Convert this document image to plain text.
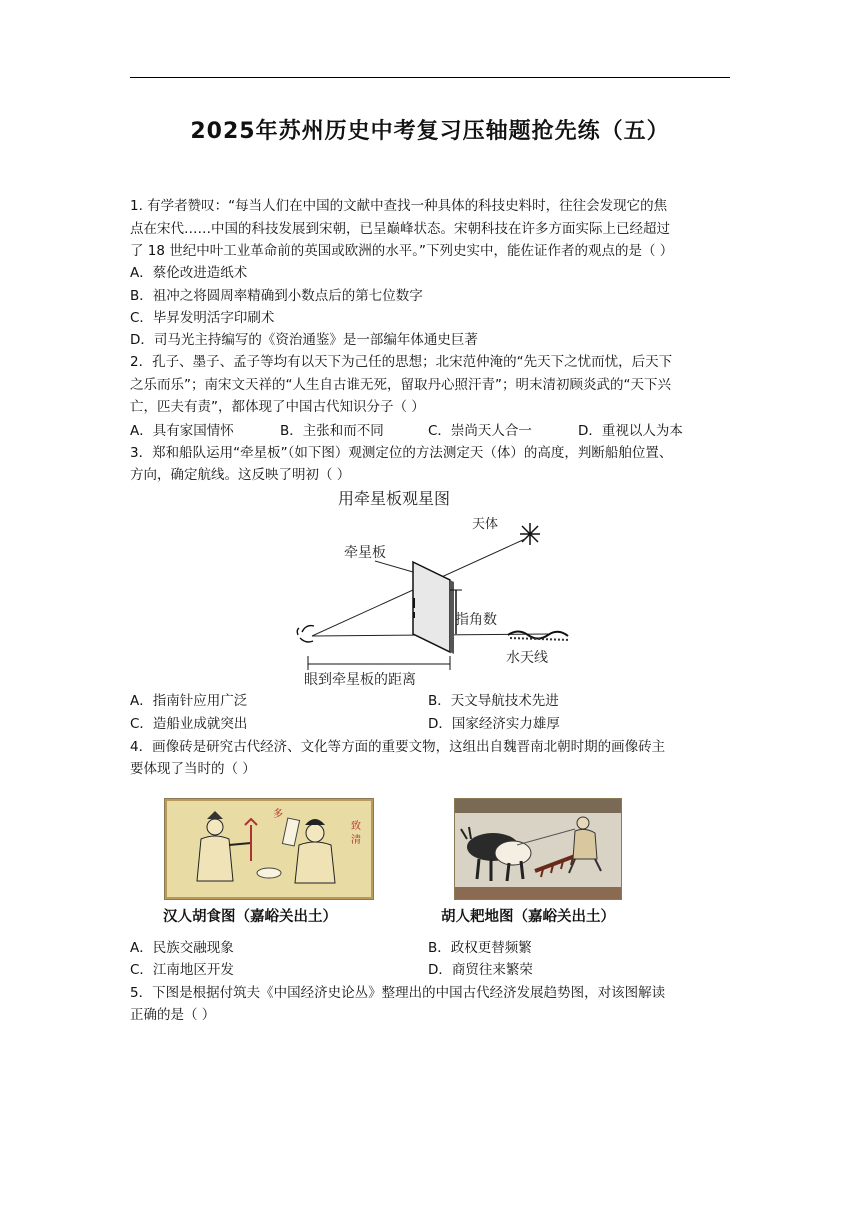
2025年苏州历史中考复习压轴题抢先练（五）
1. 有学者赞叹：“每当人们在中国的文献中查找一种具体的科技史料时，往往会发现它的焦
点在宋代……中国的科技发展到宋朝，已呈巅峰状态。宋朝科技在许多方面实际上已经超过
了 18 世纪中叶工业革命前的英国或欧洲的水平。”下列史实中，能佐证作者的观点的是（ ）
A．蔡伦改进造纸术
B．祖冲之将圆周率精确到小数点后的第七位数字
C．毕昇发明活字印刷术
D．司马光主持编写的《资治通鉴》是一部编年体通史巨著
2．孔子、墨子、孟子等均有以天下为己任的思想；北宋范仲淹的“先天下之忧而忧，后天下
之乐而乐”；南宋文天祥的“人生自古谁无死，留取丹心照汗青”；明末清初顾炎武的“天下兴
亡，匹夫有责”，都体现了中国古代知识分子（ ）
A．具有家国情怀	B．主张和而不同	C．崇尚天人合一	D．重视以人为本
3．郑和船队运用“牵星板”（如下图）观测定位的方法测定天（体）的高度，判断船舶位置、
方向，确定航线。这反映了明初（ ）
用牵星板观星图
天体
牵星板
指角数
水天线
眼到牵星板的距离
A．指南针应用广泛	B．天文导航技术先进
C．造船业成就突出	D．国家经济实力雄厚
4．画像砖是研究古代经济、文化等方面的重要文物，这组出自魏晋南北朝时期的画像砖主
要体现了当时的（ ）
多
致
清
汉人胡食图（嘉峪关出土）	胡人耙地图（嘉峪关出土）
A．民族交融现象	B．政权更替频繁
C．江南地区开发	D．商贸往来繁荣
5．下图是根据付筑夫《中国经济史论丛》整理出的中国古代经济发展趋势图，对该图解读
正确的是（ ）
